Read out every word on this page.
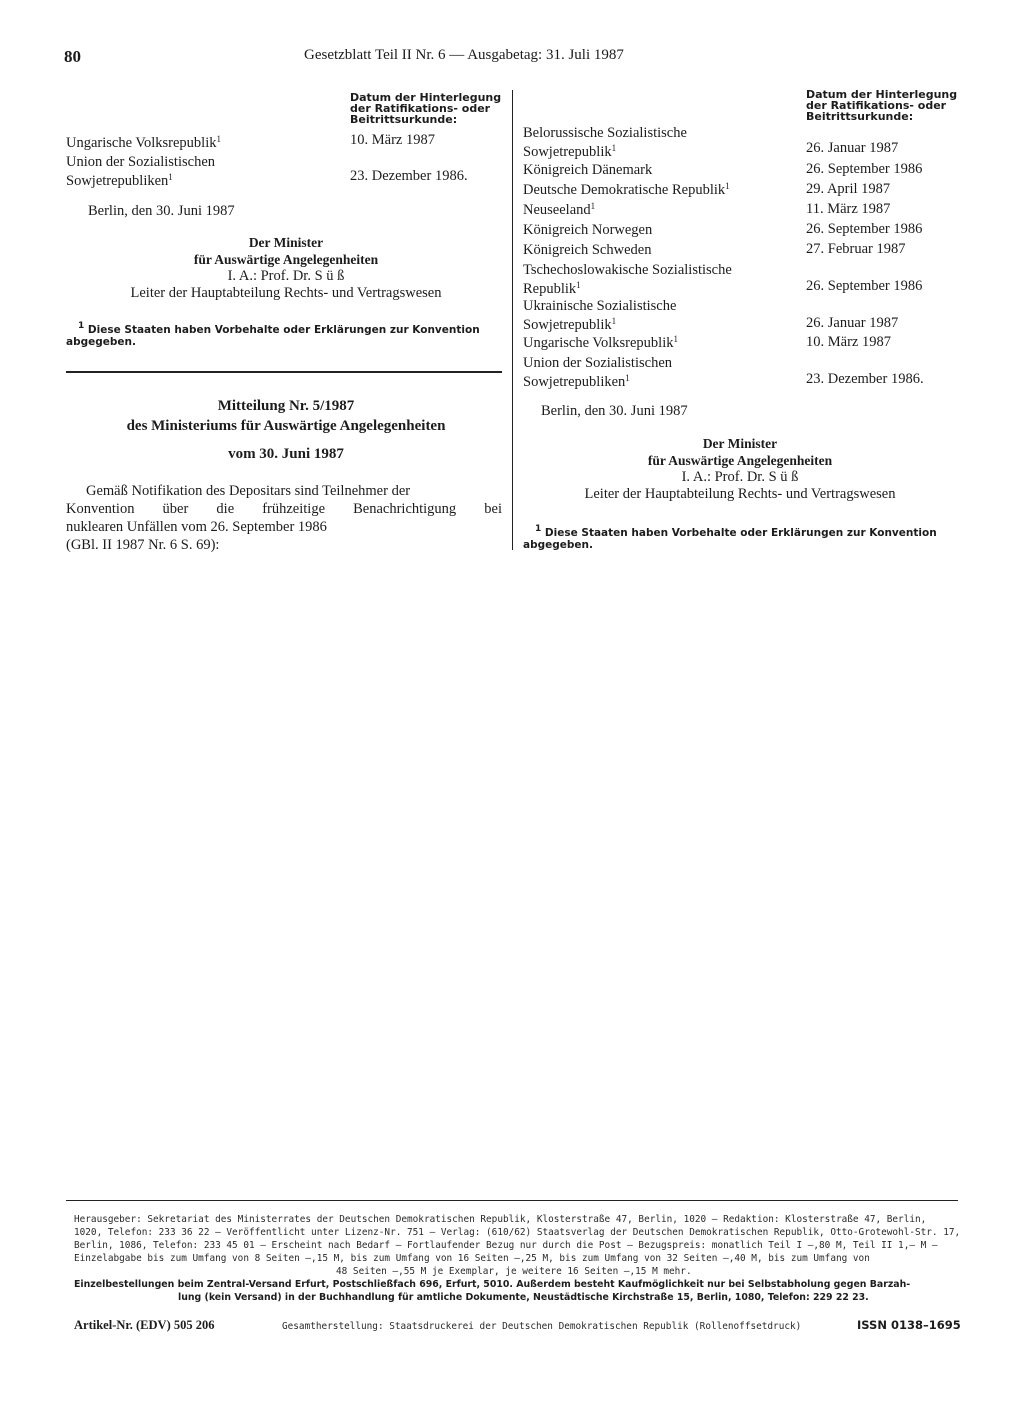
80	Gesetzblatt Teil II Nr. 6 — Ausgabetag: 31. Juli 1987
Datum der Hinterlegung
der Ratifikations- oder
Beitrittsurkunde:
Ungarische Volksrepublik$^1$	10. März 1987
Union der Sozialistischen
Sowjetrepubliken$^1$	23. Dezember 1986.
Berlin, den 30. Juni 1987
Der Minister
für Auswärtige Angelegenheiten
I. A.: Prof. Dr. S ü ß
Leiter der Hauptabteilung Rechts- und Vertragswesen
$^1$ Diese Staaten haben Vorbehalte oder Erklärungen zur Konvention
abgegeben.
Mitteilung Nr. 5/1987
des Ministeriums für Auswärtige Angelegenheiten
vom 30. Juni 1987
Gemäß Notifikation des Depositars sind Teilnehmer der
Konvention über die frühzeitige Benachrichtigung bei
nuklearen Unfällen vom 26. September 1986
(GBl. II 1987 Nr. 6 S. 69):
Datum der Hinterlegung
der Ratifikations- oder
Beitrittsurkunde:
Belorussische Sozialistische
Sowjetrepublik$^1$	26. Januar 1987
Königreich Dänemark	26. September 1986
Deutsche Demokratische Republik$^1$	29. April 1987
Neuseeland$^1$	11. März 1987
Königreich Norwegen	26. September 1986
Königreich Schweden	27. Februar 1987
Tschechoslowakische Sozialistische
Republik$^1$	26. September 1986
Ukrainische Sozialistische
Sowjetrepublik$^1$	26. Januar 1987
Ungarische Volksrepublik$^1$	10. März 1987
Union der Sozialistischen
Sowjetrepubliken$^1$	23. Dezember 1986.
Berlin, den 30. Juni 1987
Der Minister
für Auswärtige Angelegenheiten
I. A.: Prof. Dr. S ü ß
Leiter der Hauptabteilung Rechts- und Vertragswesen
$^1$ Diese Staaten haben Vorbehalte oder Erklärungen zur Konvention
abgegeben.
Herausgeber: Sekretariat des Ministerrates der Deutschen Demokratischen Republik, Klosterstraße 47, Berlin, 1020 — Redaktion: Klosterstraße 47, Berlin,
1020, Telefon: 233 36 22 — Veröffentlicht unter Lizenz-Nr. 751 — Verlag: (610/62) Staatsverlag der Deutschen Demokratischen Republik, Otto-Grotewohl-Str. 17,
Berlin, 1086, Telefon: 233 45 01 — Erscheint nach Bedarf — Fortlaufender Bezug nur durch die Post — Bezugspreis: monatlich Teil I —,80 M, Teil II 1,— M —
Einzelabgabe bis zum Umfang von 8 Seiten —,15 M, bis zum Umfang von 16 Seiten —,25 M, bis zum Umfang von 32 Seiten —,40 M, bis zum Umfang von
48 Seiten —,55 M je Exemplar, je weitere 16 Seiten —,15 M mehr.
Einzelbestellungen beim Zentral-Versand Erfurt, Postschließfach 696, Erfurt, 5010. Außerdem besteht Kaufmöglichkeit nur bei Selbstabholung gegen Barzah-
lung (kein Versand) in der Buchhandlung für amtliche Dokumente, Neustädtische Kirchstraße 15, Berlin, 1080, Telefon: 229 22 23.
Artikel-Nr. (EDV) 505 206	Gesamtherstellung: Staatsdruckerei der Deutschen Demokratischen Republik (Rollenoffsetdruck)	ISSN 0138–1695
